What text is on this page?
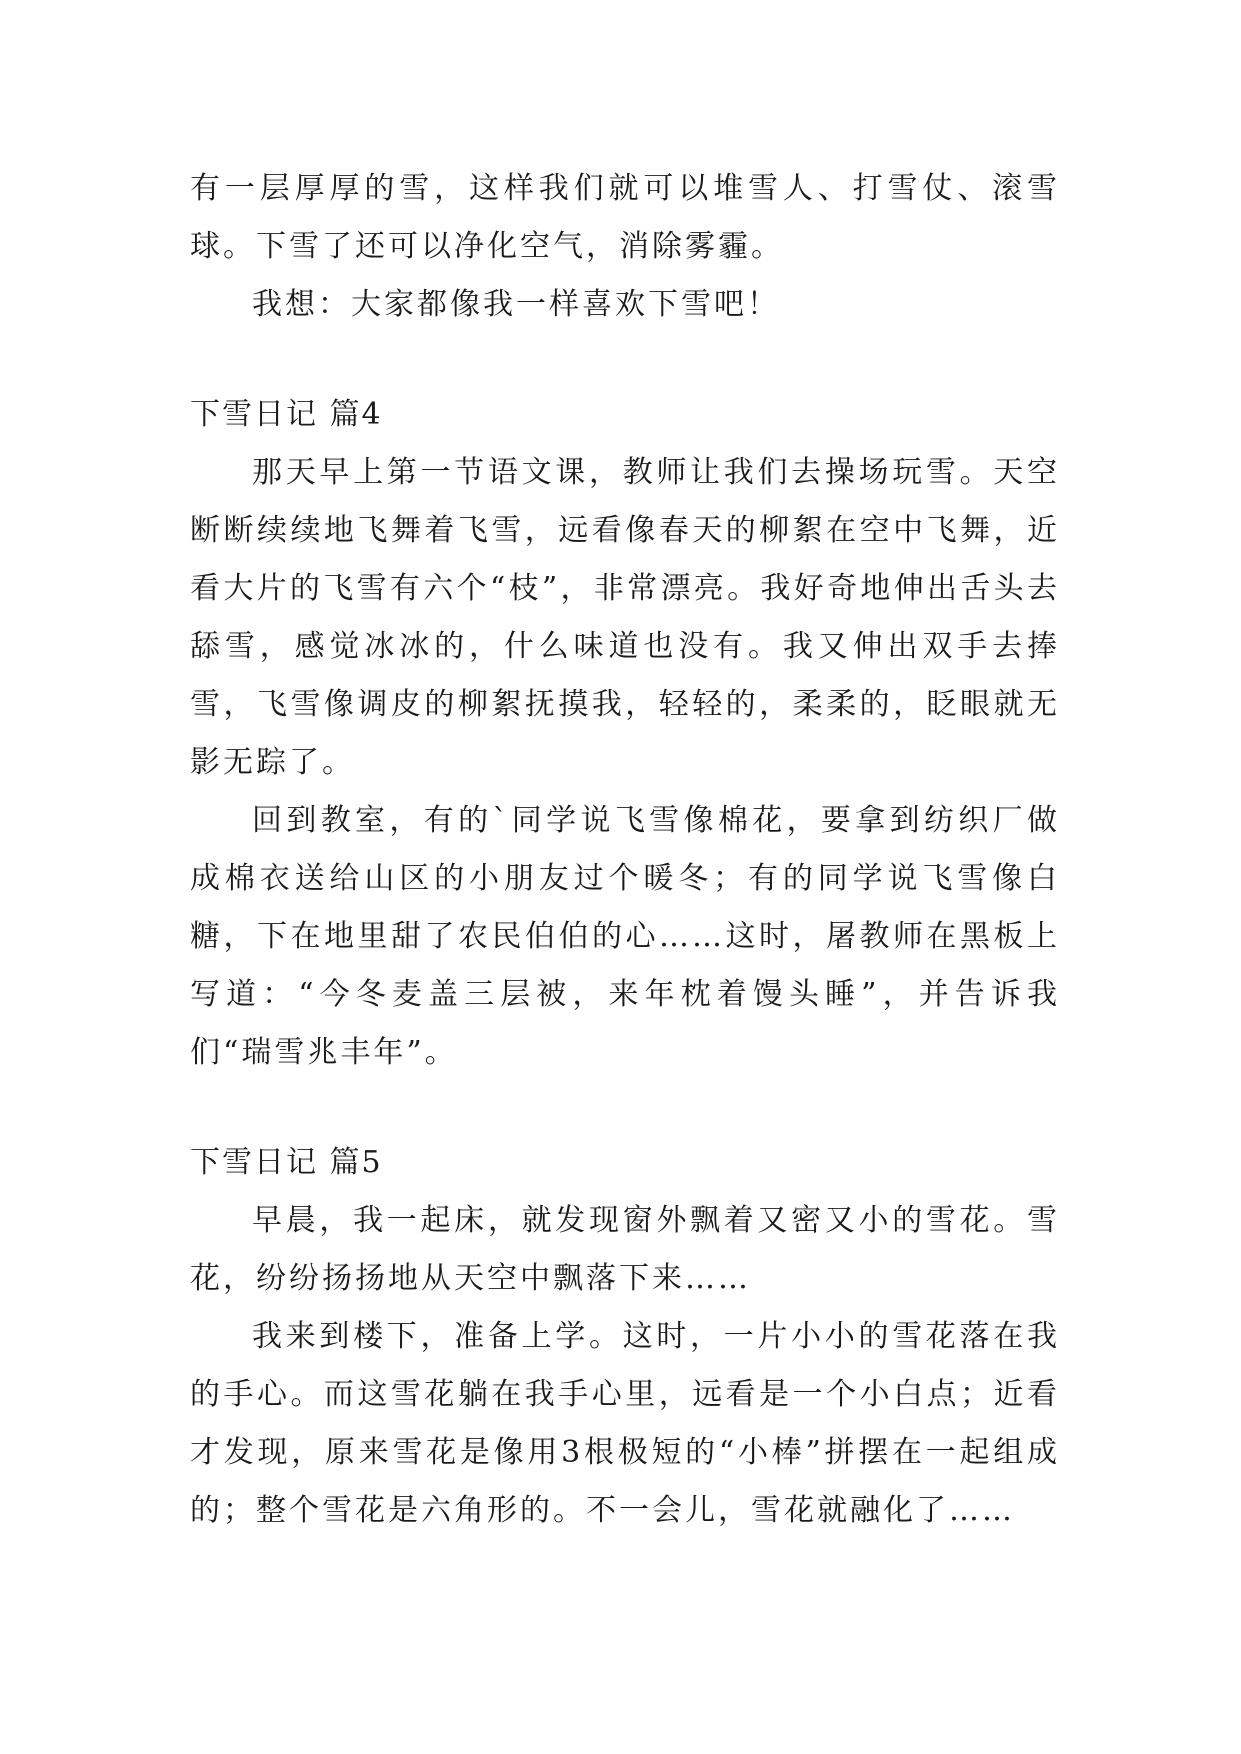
有一层厚厚的雪，这样我们就可以堆雪人、打雪仗、滚雪球。下雪了还可以净化空气，消除雾霾。

我想：大家都像我一样喜欢下雪吧！

下雪日记 篇4

那天早上第一节语文课，教师让我们去操场玩雪。天空断断续续地飞舞着飞雪，远看像春天的柳絮在空中飞舞，近看大片的飞雪有六个“枝”，非常漂亮。我好奇地伸出舌头去舔雪，感觉冰冰的，什么味道也没有。我又伸出双手去捧雪，飞雪像调皮的柳絮抚摸我，轻轻的，柔柔的，眨眼就无影无踪了。

回到教室，有的`同学说飞雪像棉花，要拿到纺织厂做成棉衣送给山区的小朋友过个暖冬；有的同学说飞雪像白糖，下在地里甜了农民伯伯的心……这时，屠教师在黑板上写道：“今冬麦盖三层被，来年枕着馒头睡”，并告诉我们“瑞雪兆丰年”。

下雪日记 篇5

早晨，我一起床，就发现窗外飘着又密又小的雪花。雪花，纷纷扬扬地从天空中飘落下来……

我来到楼下，准备上学。这时，一片小小的雪花落在我的手心。而这雪花躺在我手心里，远看是一个小白点；近看才发现，原来雪花是像用3根极短的“小棒”拼摆在一起组成的；整个雪花是六角形的。不一会儿，雪花就融化了……
